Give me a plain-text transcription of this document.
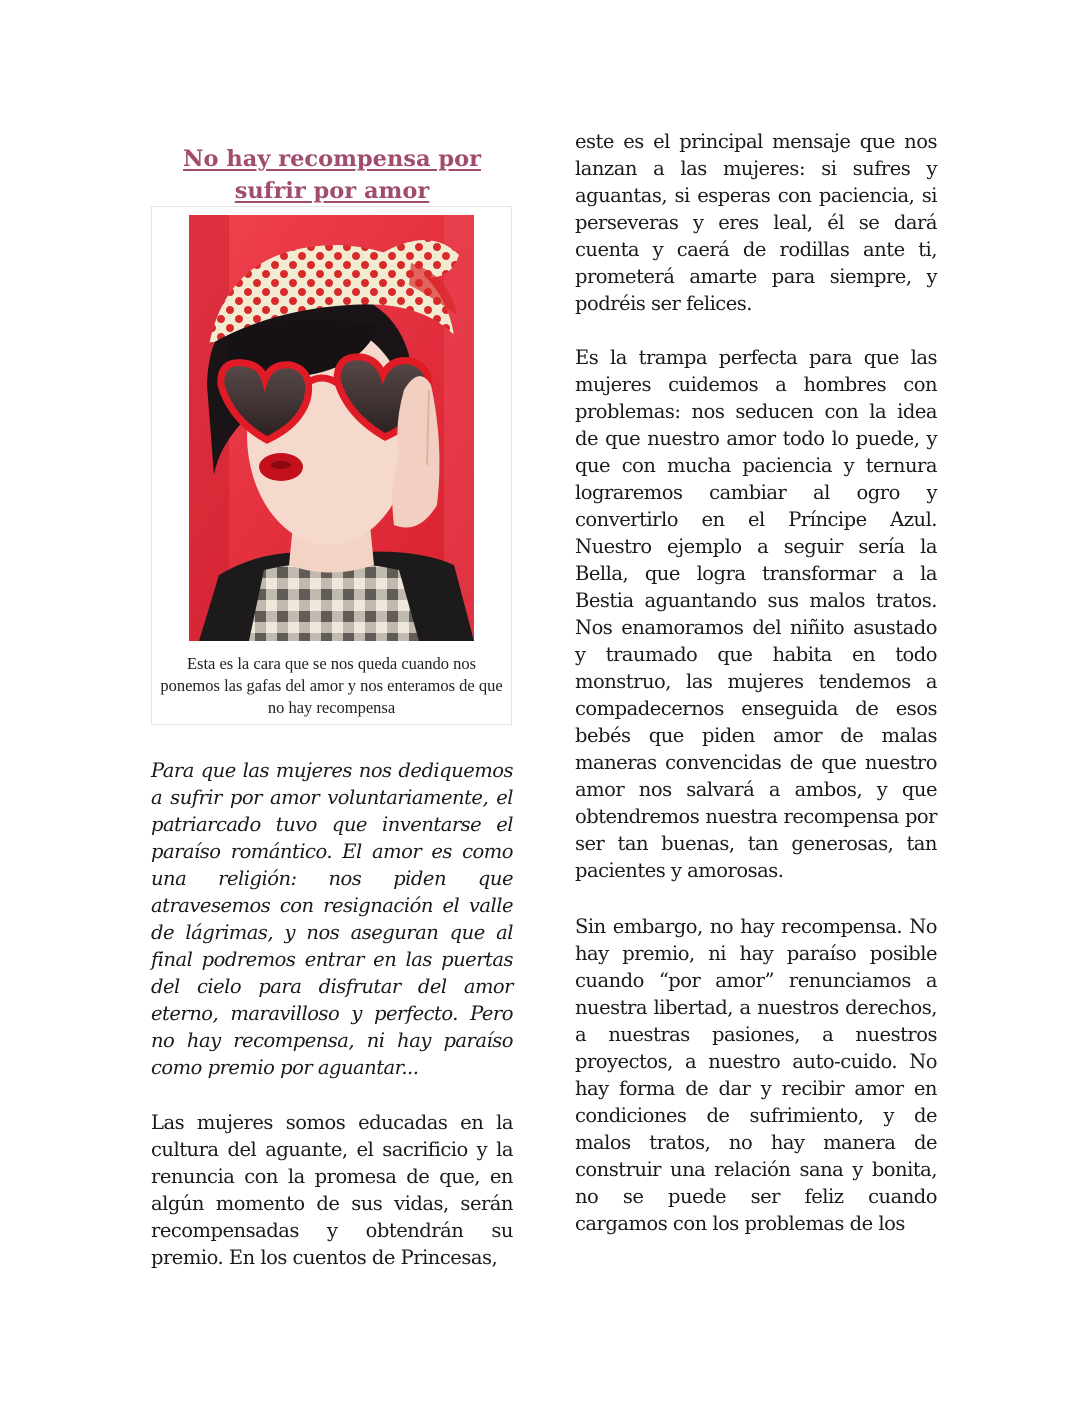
No hay recompensa por
sufrir por amor

Esta es la cara que se nos queda cuando nos ponemos las gafas del amor y nos enteramos de que no hay recompensa

Para que las mujeres nos dediquemos a sufrir por amor voluntariamente, el patriarcado tuvo que inventarse el paraíso romántico. El amor es como una religión: nos piden que atravesemos con resignación el valle de lágrimas, y nos aseguran que al final podremos entrar en las puertas del cielo para disfrutar del amor eterno, maravilloso y perfecto. Pero no hay recompensa, ni hay paraíso como premio por aguantar...

Las mujeres somos educadas en la cultura del aguante, el sacrificio y la renuncia con la promesa de que, en algún momento de sus vidas, serán recompensadas y obtendrán su premio. En los cuentos de Princesas,

este es el principal mensaje que nos lanzan a las mujeres: si sufres y aguantas, si esperas con paciencia, si perseveras y eres leal, él se dará cuenta y caerá de rodillas ante ti, prometerá amarte para siempre, y podréis ser felices.

Es la trampa perfecta para que las mujeres cuidemos a hombres con problemas: nos seducen con la idea de que nuestro amor todo lo puede, y que con mucha paciencia y ternura lograremos cambiar al ogro y convertirlo en el Príncipe Azul. Nuestro ejemplo a seguir sería la Bella, que logra transformar a la Bestia aguantando sus malos tratos. Nos enamoramos del niñito asustado y traumado que habita en todo monstruo, las mujeres tendemos a compadecernos enseguida de esos bebés que piden amor de malas maneras convencidas de que nuestro amor nos salvará a ambos, y que obtendremos nuestra recompensa por ser tan buenas, tan generosas, tan pacientes y amorosas.

Sin embargo, no hay recompensa. No hay premio, ni hay paraíso posible cuando “por amor” renunciamos a nuestra libertad, a nuestros derechos, a nuestras pasiones, a nuestros proyectos, a nuestro auto-cuido. No hay forma de dar y recibir amor en condiciones de sufrimiento, y de malos tratos, no hay manera de construir una relación sana y bonita, no se puede ser feliz cuando cargamos con los problemas de los
